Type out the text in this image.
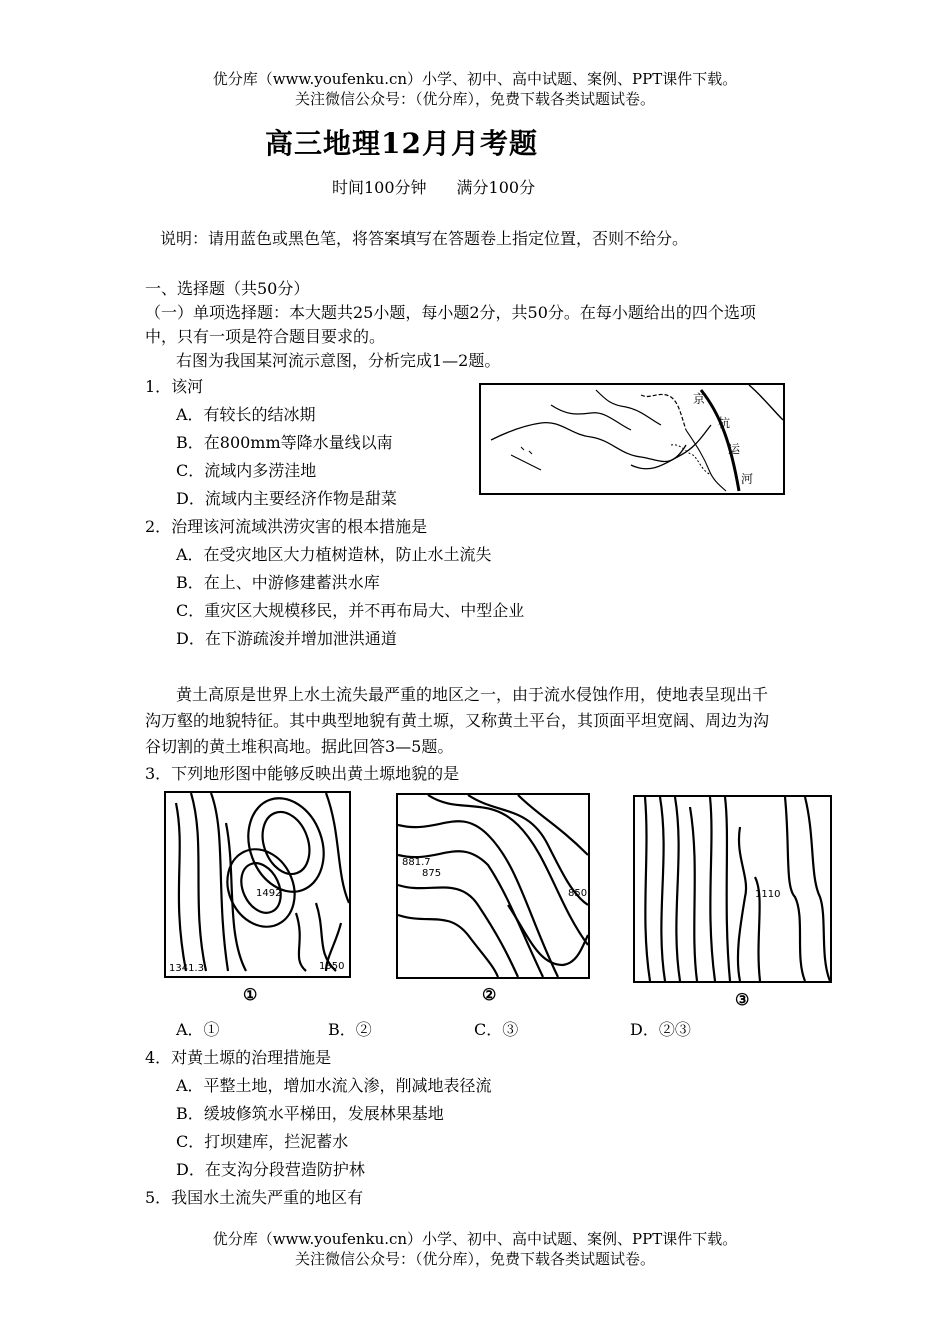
优分库（www.youfenku.cn）小学、初中、高中试题、案例、PPT课件下载。
关注微信公众号：（优分库），免费下载各类试题试卷。
高三地理12月月考题
时间100分钟 满分100分
说明：请用蓝色或黑色笔，将答案填写在答题卷上指定位置，否则不给分。
一、选择题（共50分）
（一）单项选择题：本大题共25小题，每小题2分，共50分。在每小题给出的四个选项
中，只有一项是符合题目要求的。
右图为我国某河流示意图，分析完成1—2题。
1．该河
A．有较长的结冰期
B．在800mm等降水量线以南
C．流域内多涝洼地
D．流域内主要经济作物是甜菜
京
杭
运
河
2．治理该河流域洪涝灾害的根本措施是
A．在受灾地区大力植树造林，防止水土流失
B．在上、中游修建蓄洪水库
C．重灾区大规模移民，并不再布局大、中型企业
D．在下游疏浚并增加泄洪通道
黄土高原是世界上水土流失最严重的地区之一，由于流水侵蚀作用，使地表呈现出千
沟万壑的地貌特征。其中典型地貌有黄土塬，又称黄土平台，其顶面平坦宽阔、周边为沟
谷切割的黄土堆积高地。据此回答3—5题。
3．下列地形图中能够反映出黄土塬地貌的是
1492
1341.3	1350
①
881.7
875
850
②
1110
③
A．①	B．②	C．③	D．②③
4．对黄土塬的治理措施是
A．平整土地，增加水流入渗，削减地表径流
B．缓坡修筑水平梯田，发展林果基地
C．打坝建库，拦泥蓄水
D．在支沟分段营造防护林
5．我国水土流失严重的地区有
优分库（www.youfenku.cn）小学、初中、高中试题、案例、PPT课件下载。
关注微信公众号：（优分库），免费下载各类试题试卷。
